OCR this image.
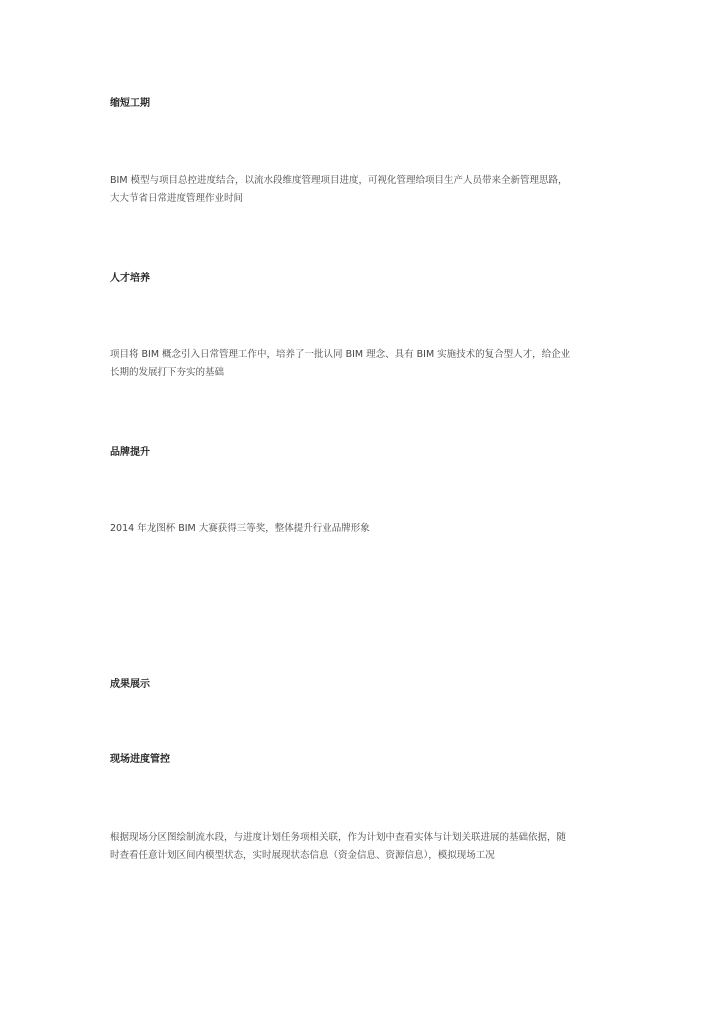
缩短工期

BIM 模型与项目总控进度结合，以流水段维度管理项目进度，可视化管理给项目生产人员带来全新管理思路，

大大节省日常进度管理作业时间

人才培养

项目将 BIM 概念引入日常管理工作中，培养了一批认同 BIM 理念、具有 BIM 实施技术的复合型人才，给企业

长期的发展打下夯实的基础

品牌提升

2014 年龙图杯 BIM 大赛获得三等奖，整体提升行业品牌形象

成果展示
现场进度管控

根据现场分区图绘制流水段，与进度计划任务项相关联，作为计划中查看实体与计划关联进展的基础依据，随

时查看任意计划区间内模型状态，实时展现状态信息（资金信息、资源信息），模拟现场工况
